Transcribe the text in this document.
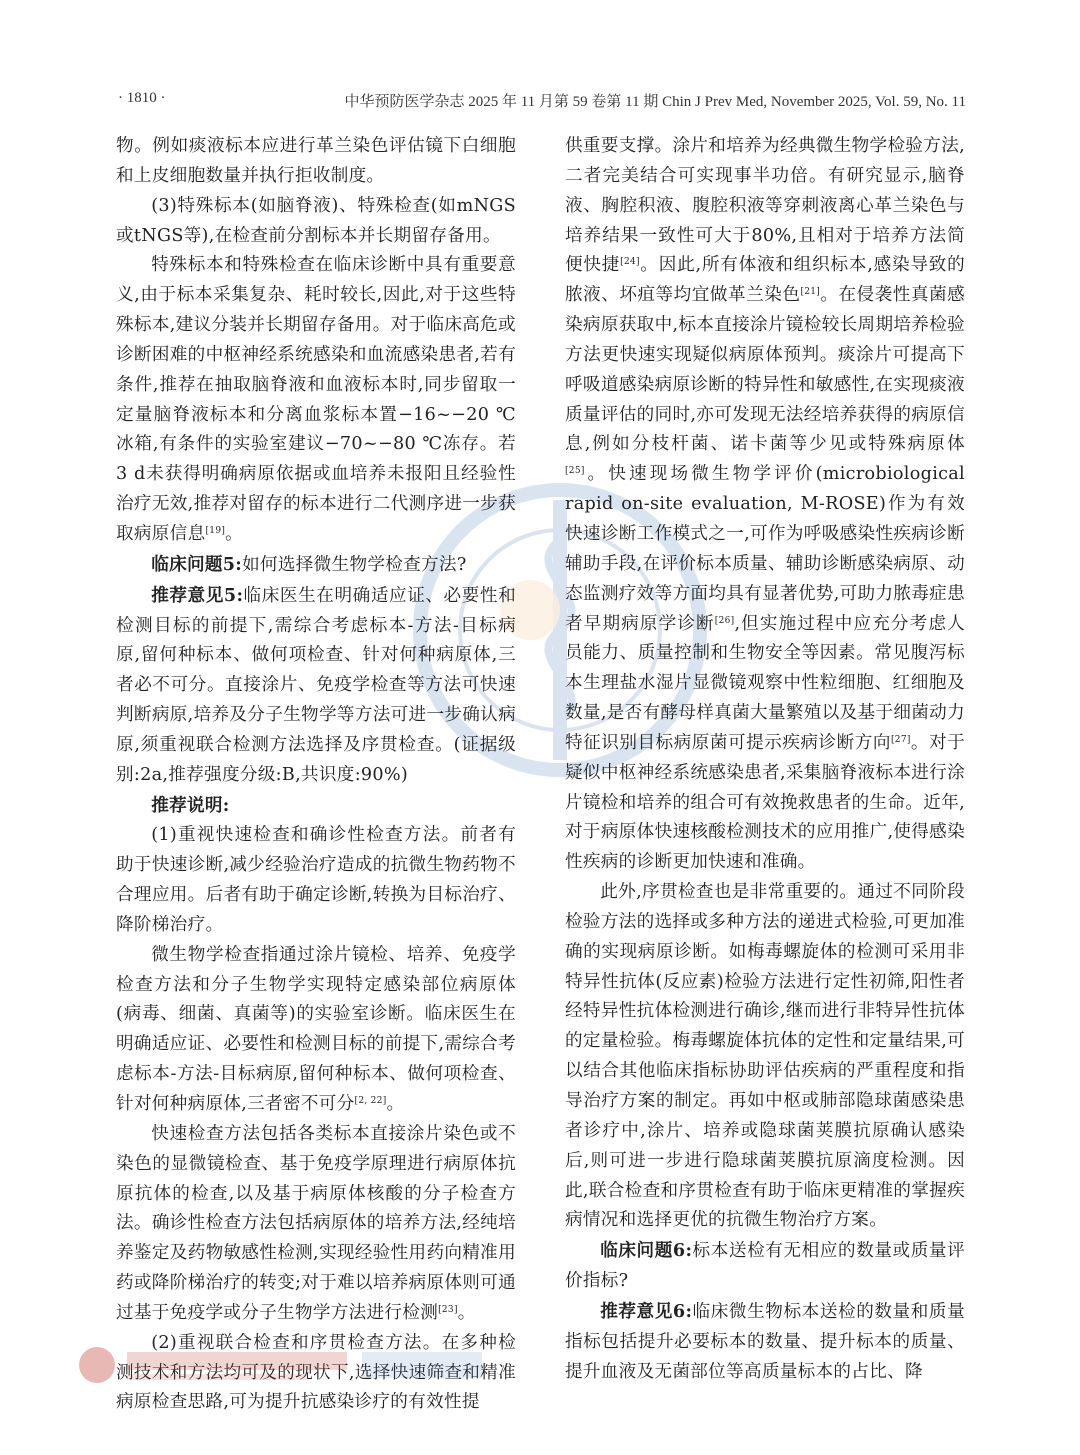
· 1810 ·	中华预防医学杂志 2025 年 11 月第 59 卷第 11 期 Chin J Prev Med, November 2025, Vol. 59, No. 11

物。例如痰液标本应进行革兰染色评估镜下白细胞和上皮细胞数量并执行拒收制度。

(3)特殊标本(如脑脊液)、特殊检查(如mNGS或tNGS等),在检查前分割标本并长期留存备用。

特殊标本和特殊检查在临床诊断中具有重要意义,由于标本采集复杂、耗时较长,因此,对于这些特殊标本,建议分装并长期留存备用。对于临床高危或诊断困难的中枢神经系统感染和血流感染患者,若有条件,推荐在抽取脑脊液和血液标本时,同步留取一定量脑脊液标本和分离血浆标本置−16~−20 ℃冰箱,有条件的实验室建议−70~−80 ℃冻存。若3 d未获得明确病原依据或血培养未报阳且经验性治疗无效,推荐对留存的标本进行二代测序进一步获取病原信息[19]。

临床问题5:如何选择微生物学检查方法?

推荐意见5:临床医生在明确适应证、必要性和检测目标的前提下,需综合考虑标本-方法-目标病原,留何种标本、做何项检查、针对何种病原体,三者必不可分。直接涂片、免疫学检查等方法可快速判断病原,培养及分子生物学等方法可进一步确认病原,须重视联合检测方法选择及序贯检查。(证据级别:2a,推荐强度分级:B,共识度:90%)

推荐说明:

(1)重视快速检查和确诊性检查方法。前者有助于快速诊断,减少经验治疗造成的抗微生物药物不合理应用。后者有助于确定诊断,转换为目标治疗、降阶梯治疗。

微生物学检查指通过涂片镜检、培养、免疫学检查方法和分子生物学实现特定感染部位病原体(病毒、细菌、真菌等)的实验室诊断。临床医生在明确适应证、必要性和检测目标的前提下,需综合考虑标本-方法-目标病原,留何种标本、做何项检查、针对何种病原体,三者密不可分[2, 22]。

快速检查方法包括各类标本直接涂片染色或不染色的显微镜检查、基于免疫学原理进行病原体抗原抗体的检查,以及基于病原体核酸的分子检查方法。确诊性检查方法包括病原体的培养方法,经纯培养鉴定及药物敏感性检测,实现经验性用药向精准用药或降阶梯治疗的转变;对于难以培养病原体则可通过基于免疫学或分子生物学方法进行检测[23]。

(2)重视联合检查和序贯检查方法。在多种检测技术和方法均可及的现状下,选择快速筛查和精准病原检查思路,可为提升抗感染诊疗的有效性提

供重要支撑。涂片和培养为经典微生物学检验方法,二者完美结合可实现事半功倍。有研究显示,脑脊液、胸腔积液、腹腔积液等穿刺液离心革兰染色与培养结果一致性可大于80%,且相对于培养方法简便快捷[24]。因此,所有体液和组织标本,感染导致的脓液、坏疽等均宜做革兰染色[21]。在侵袭性真菌感染病原获取中,标本直接涂片镜检较长周期培养检验方法更快速实现疑似病原体预判。痰涂片可提高下呼吸道感染病原诊断的特异性和敏感性,在实现痰液质量评估的同时,亦可发现无法经培养获得的病原信息,例如分枝杆菌、诺卡菌等少见或特殊病原体[25]。快速现场微生物学评价(microbiological rapid on-site evaluation, M-ROSE)作为有效快速诊断工作模式之一,可作为呼吸感染性疾病诊断辅助手段,在评价标本质量、辅助诊断感染病原、动态监测疗效等方面均具有显著优势,可助力脓毒症患者早期病原学诊断[26],但实施过程中应充分考虑人员能力、质量控制和生物安全等因素。常见腹泻标本生理盐水湿片显微镜观察中性粒细胞、红细胞及数量,是否有酵母样真菌大量繁殖以及基于细菌动力特征识别目标病原菌可提示疾病诊断方向[27]。对于疑似中枢神经系统感染患者,采集脑脊液标本进行涂片镜检和培养的组合可有效挽救患者的生命。近年,对于病原体快速核酸检测技术的应用推广,使得感染性疾病的诊断更加快速和准确。

此外,序贯检查也是非常重要的。通过不同阶段检验方法的选择或多种方法的递进式检验,可更加准确的实现病原诊断。如梅毒螺旋体的检测可采用非特异性抗体(反应素)检验方法进行定性初筛,阳性者经特异性抗体检测进行确诊,继而进行非特异性抗体的定量检验。梅毒螺旋体抗体的定性和定量结果,可以结合其他临床指标协助评估疾病的严重程度和指导治疗方案的制定。再如中枢或肺部隐球菌感染患者诊疗中,涂片、培养或隐球菌荚膜抗原确认感染后,则可进一步进行隐球菌荚膜抗原滴度检测。因此,联合检查和序贯检查有助于临床更精准的掌握疾病情况和选择更优的抗微生物治疗方案。

临床问题6:标本送检有无相应的数量或质量评价指标?

推荐意见6:临床微生物标本送检的数量和质量指标包括提升必要标本的数量、提升标本的质量、提升血液及无菌部位等高质量标本的占比、降
